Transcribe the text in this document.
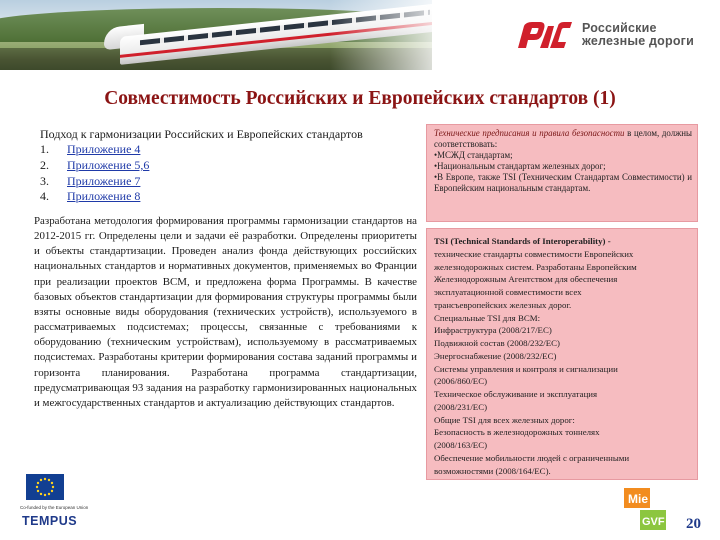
Российские
железные дороги
Совместимость Российских и Европейских стандартов (1)
Подход к гармонизации Российских и Европейских стандартов
1. Приложение 4
2. Приложение 5,6
3. Приложение 7
4. Приложение 8

Разработана методология формирования программы гармонизации стандартов на 2012-2015 гг. Определены цели и задачи её разработки. Определены приоритеты и объекты стандартизации. Проведен анализ фонда действующих российских национальных стандартов и нормативных документов, применяемых во Франции при реализации проектов ВСМ, и предложена форма Программы. В качестве базовых объектов стандартизации для формирования структуры программы были взяты основные виды оборудования (технических устройств), используемого в рассматриваемых подсистемах; процессы, связанные с требованиями к оборудованию (техническим устройствам), используемому в рассматриваемых подсистемах. Разработаны критерии формирования состава заданий программы и горизонта планирования. Разработана программа стандартизации, предусматривающая 93 задания на разработку гармонизированных национальных и межгосударственных стандартов и актуализацию действующих стандартов.

Технические предписания и правила безопасности в целом, должны соответствовать:

•МСЖД стандартам;
•Национальным стандартам железных дорог;
•В Европе, также TSI (Техническим Стандартам Совместимости) и Европейским национальным стандартам.
TSI (Technical Standards of Interoperability) -
технические стандарты совместимости Европейских
железнодорожных систем. Разработаны Европейским
Железнодорожным Агентством для обеспечения
эксплуатационной совместимости всех
трансъевропейских железных дорог.
Специальные TSI для ВСМ:
Инфраструктура (2008/217/EC)
Подвижной состав (2008/232/EC)
Энергоснабжение (2008/232/EC)
Системы управления и контроля и сигнализации
(2006/860/EC)
Техническое обслуживание и эксплуатация
(2008/231/EC)
Общие TSI для всех железных дорог:
Безопасность в железнодорожных тоннелях
(2008/163/EC)
Обеспечение мобильности людей с ограниченными
возможностями (2008/164/EC).
Co-funded by the European Union
TEMPUS
Mie
GVF 20
